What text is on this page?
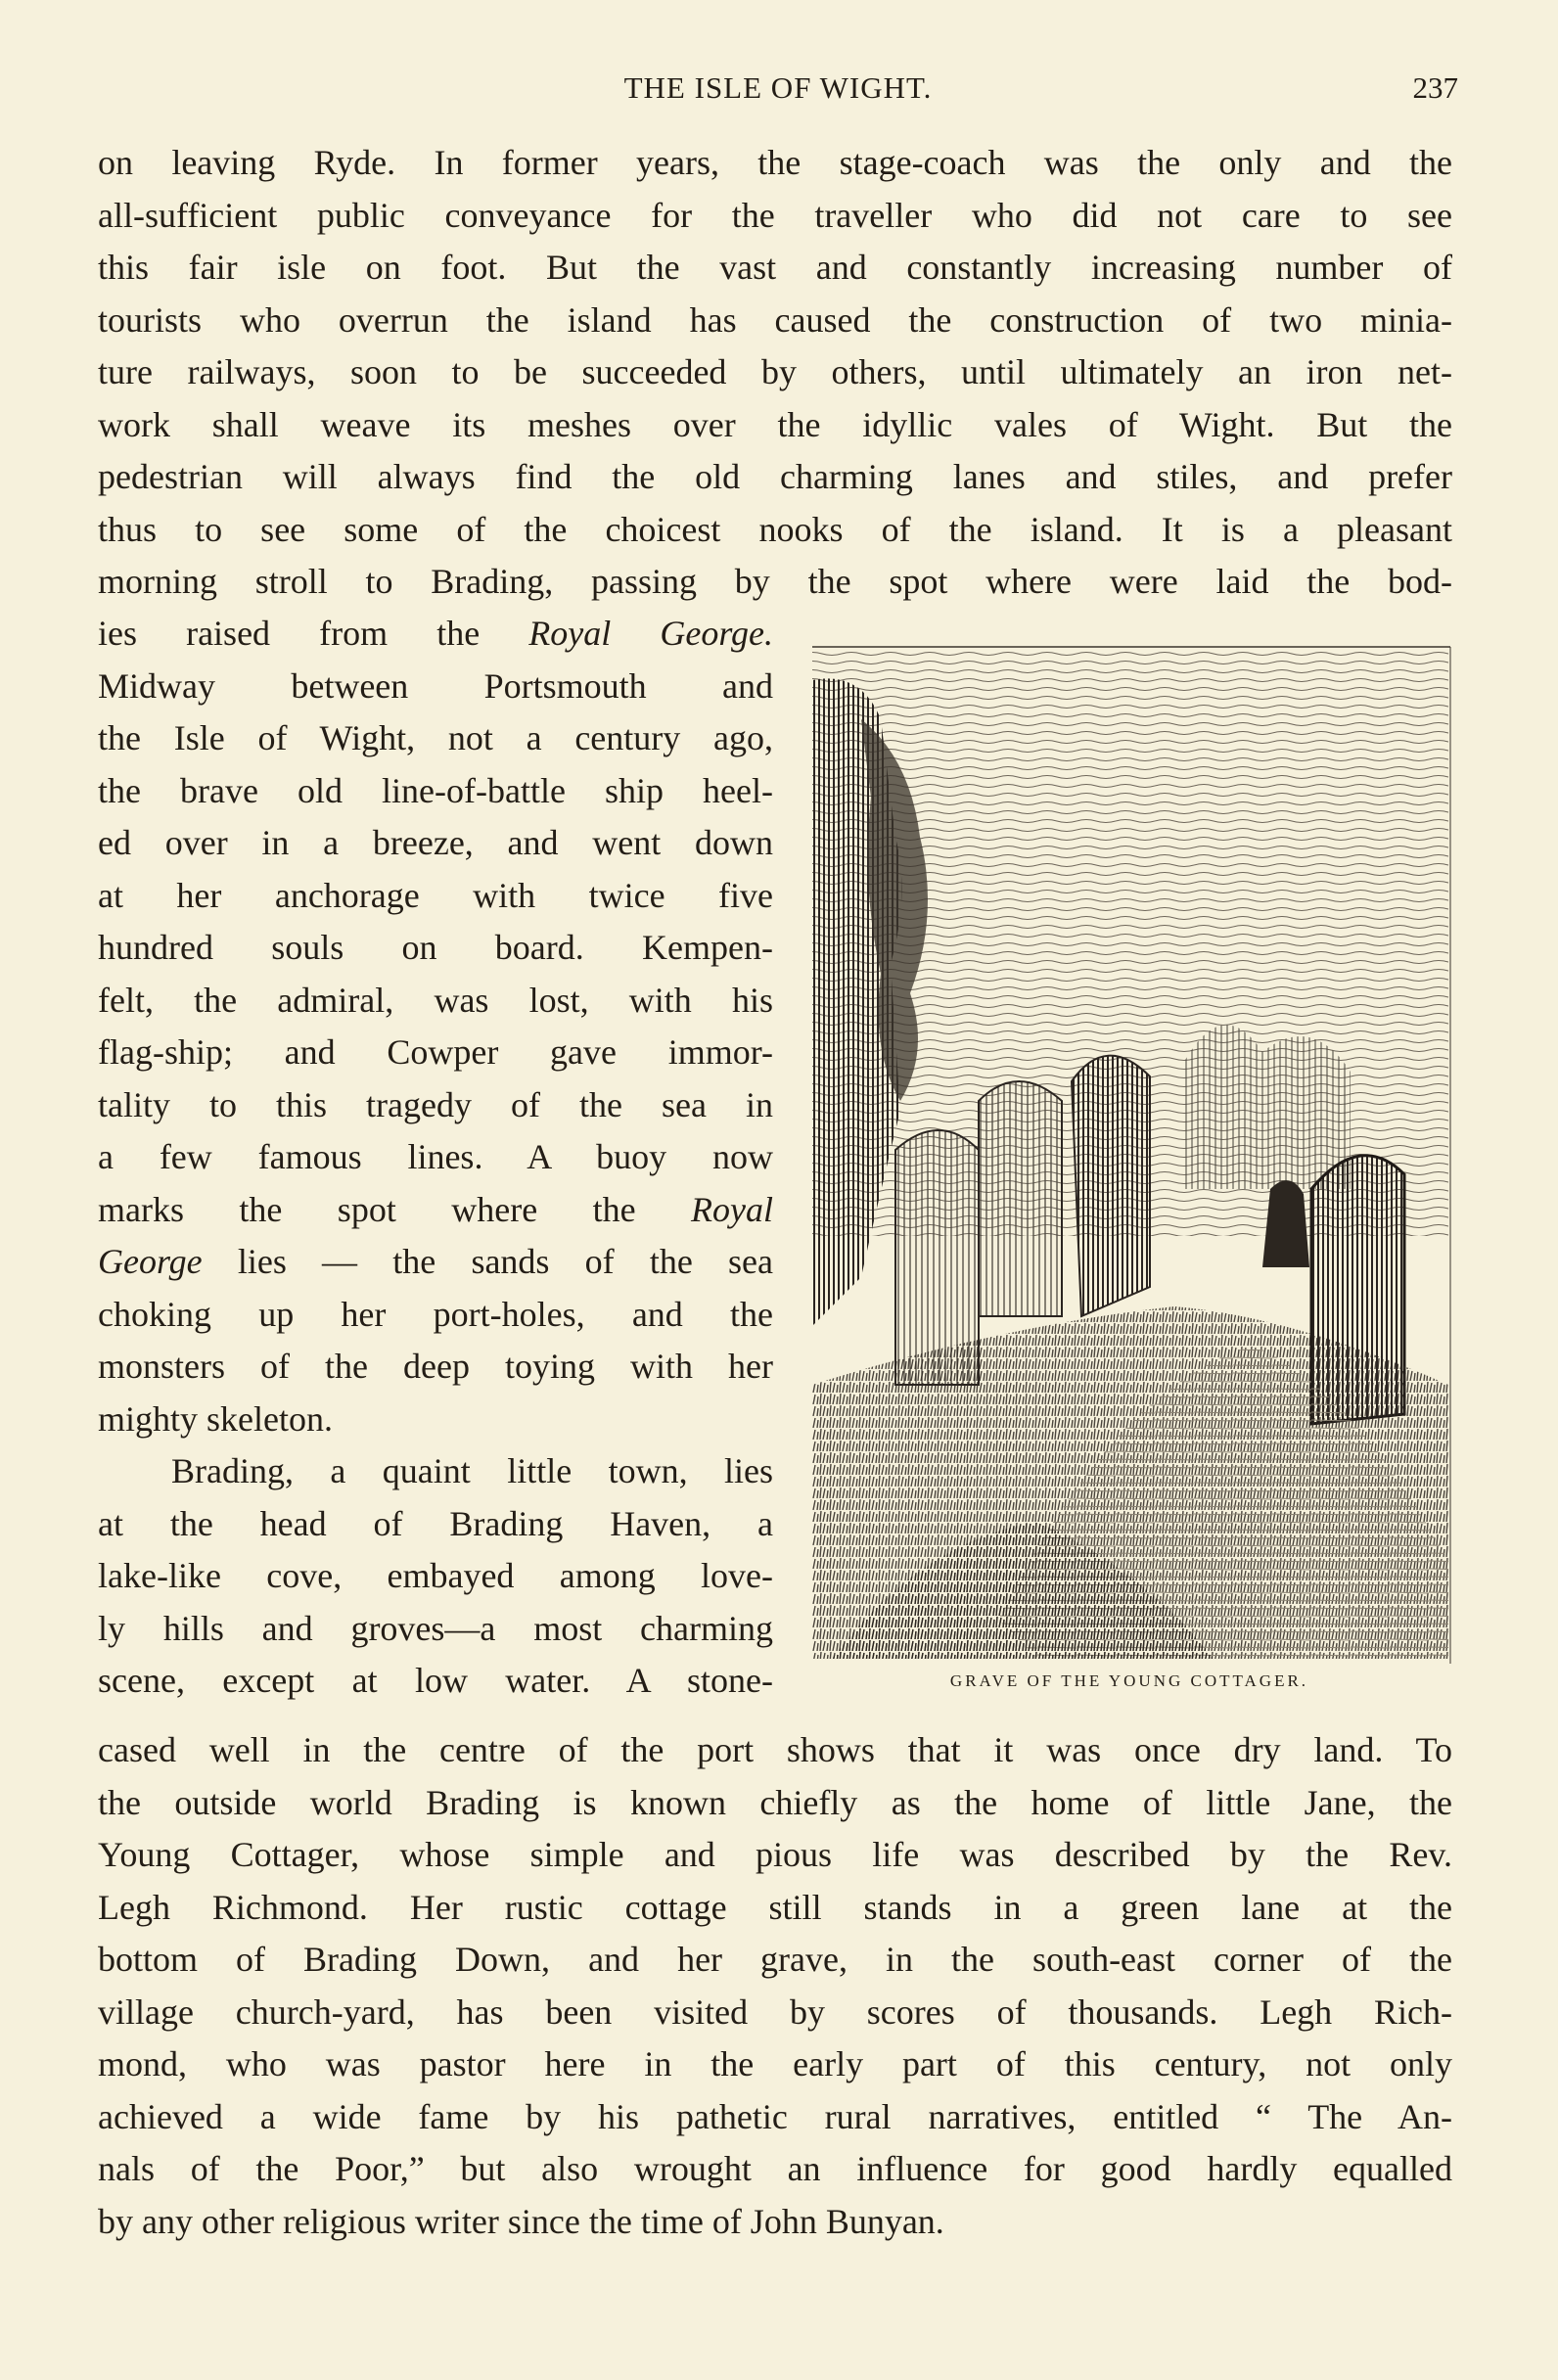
THE ISLE OF WIGHT.	237
on leaving Ryde. In former years, the stage-coach was the only and the
all-sufficient public conveyance for the traveller who did not care to see
this fair isle on foot. But the vast and constantly increasing number of
tourists who overrun the island has caused the construction of two minia-
ture railways, soon to be succeeded by others, until ultimately an iron net-
work shall weave its meshes over the idyllic vales of Wight. But the
pedestrian will always find the old charming lanes and stiles, and prefer
thus to see some of the choicest nooks of the island. It is a pleasant
morning stroll to Brading, passing by the spot where were laid the bod-
ies raised from the Royal George.
Midway between Portsmouth and
the Isle of Wight, not a century ago,
the brave old line-of-battle ship heel-
ed over in a breeze, and went down
at her anchorage with twice five
hundred souls on board. Kempen-
felt, the admiral, was lost, with his
flag-ship; and Cowper gave immor-
tality to this tragedy of the sea in
a few famous lines. A buoy now
marks the spot where the Royal
George lies — the sands of the sea
choking up her port-holes, and the
monsters of the deep toying with her
mighty skeleton.
Brading, a quaint little town, lies
at the head of Brading Haven, a
lake-like cove, embayed among love-
ly hills and groves—a most charming
scene, except at low water. A stone-
cased well in the centre of the port shows that it was once dry land. To
the outside world Brading is known chiefly as the home of little Jane, the
Young Cottager, whose simple and pious life was described by the Rev.
Legh Richmond. Her rustic cottage still stands in a green lane at the
bottom of Brading Down, and her grave, in the south-east corner of the
village church-yard, has been visited by scores of thousands. Legh Rich-
mond, who was pastor here in the early part of this century, not only
achieved a wide fame by his pathetic rural narratives, entitled “ The An-
nals of the Poor,” but also wrought an influence for good hardly equalled
by any other religious writer since the time of John Bunyan.
GRAVE OF THE YOUNG COTTAGER.
